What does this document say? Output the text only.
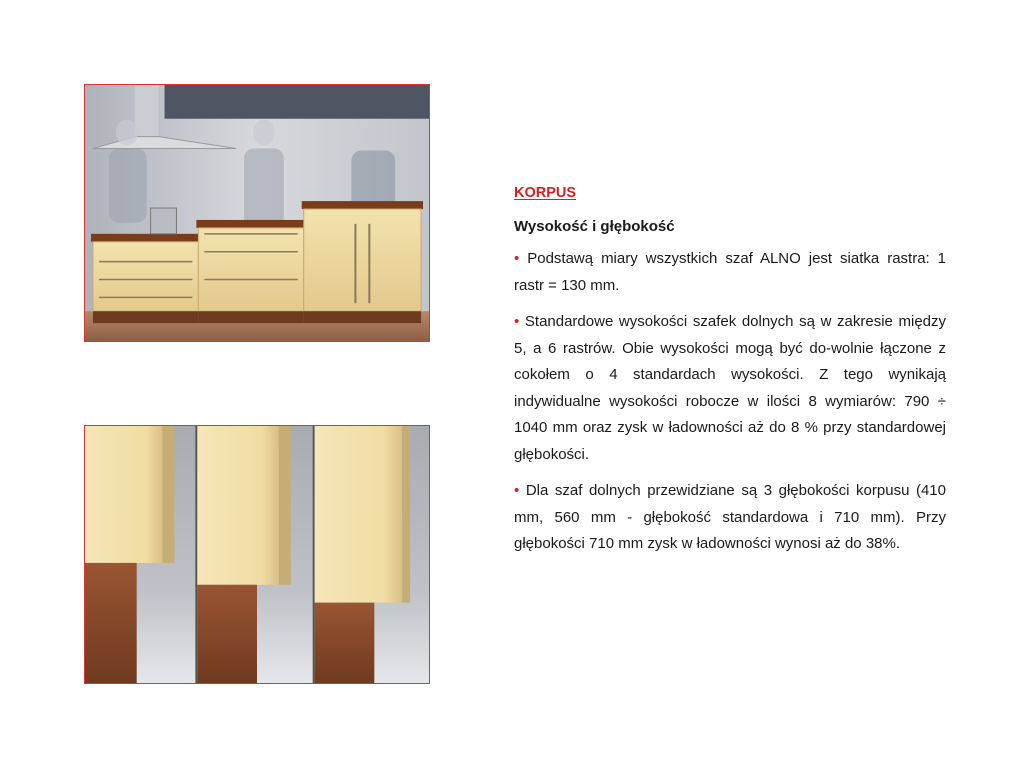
KORPUS

Wysokość i głębokość

• Podstawą miary wszystkich szaf ALNO jest siatka rastra: 1 rastr = 130 mm.

• Standardowe wysokości szafek dolnych są w zakresie między 5, a 6 rastrów. Obie wysokości mogą być do-wolnie łączone z cokołem o 4 standardach wysokości. Z tego wynikają indywidualne wysokości robocze w ilości 8 wymiarów: 790 ÷ 1040 mm oraz zysk w ładowności aż do 8 % przy standardowej głębokości.

• Dla szaf dolnych przewidziane są 3 głębokości korpusu (410 mm, 560 mm - głębokość standardowa i 710 mm). Przy głębokości 710 mm zysk w ładowności wynosi aż do 38%.
